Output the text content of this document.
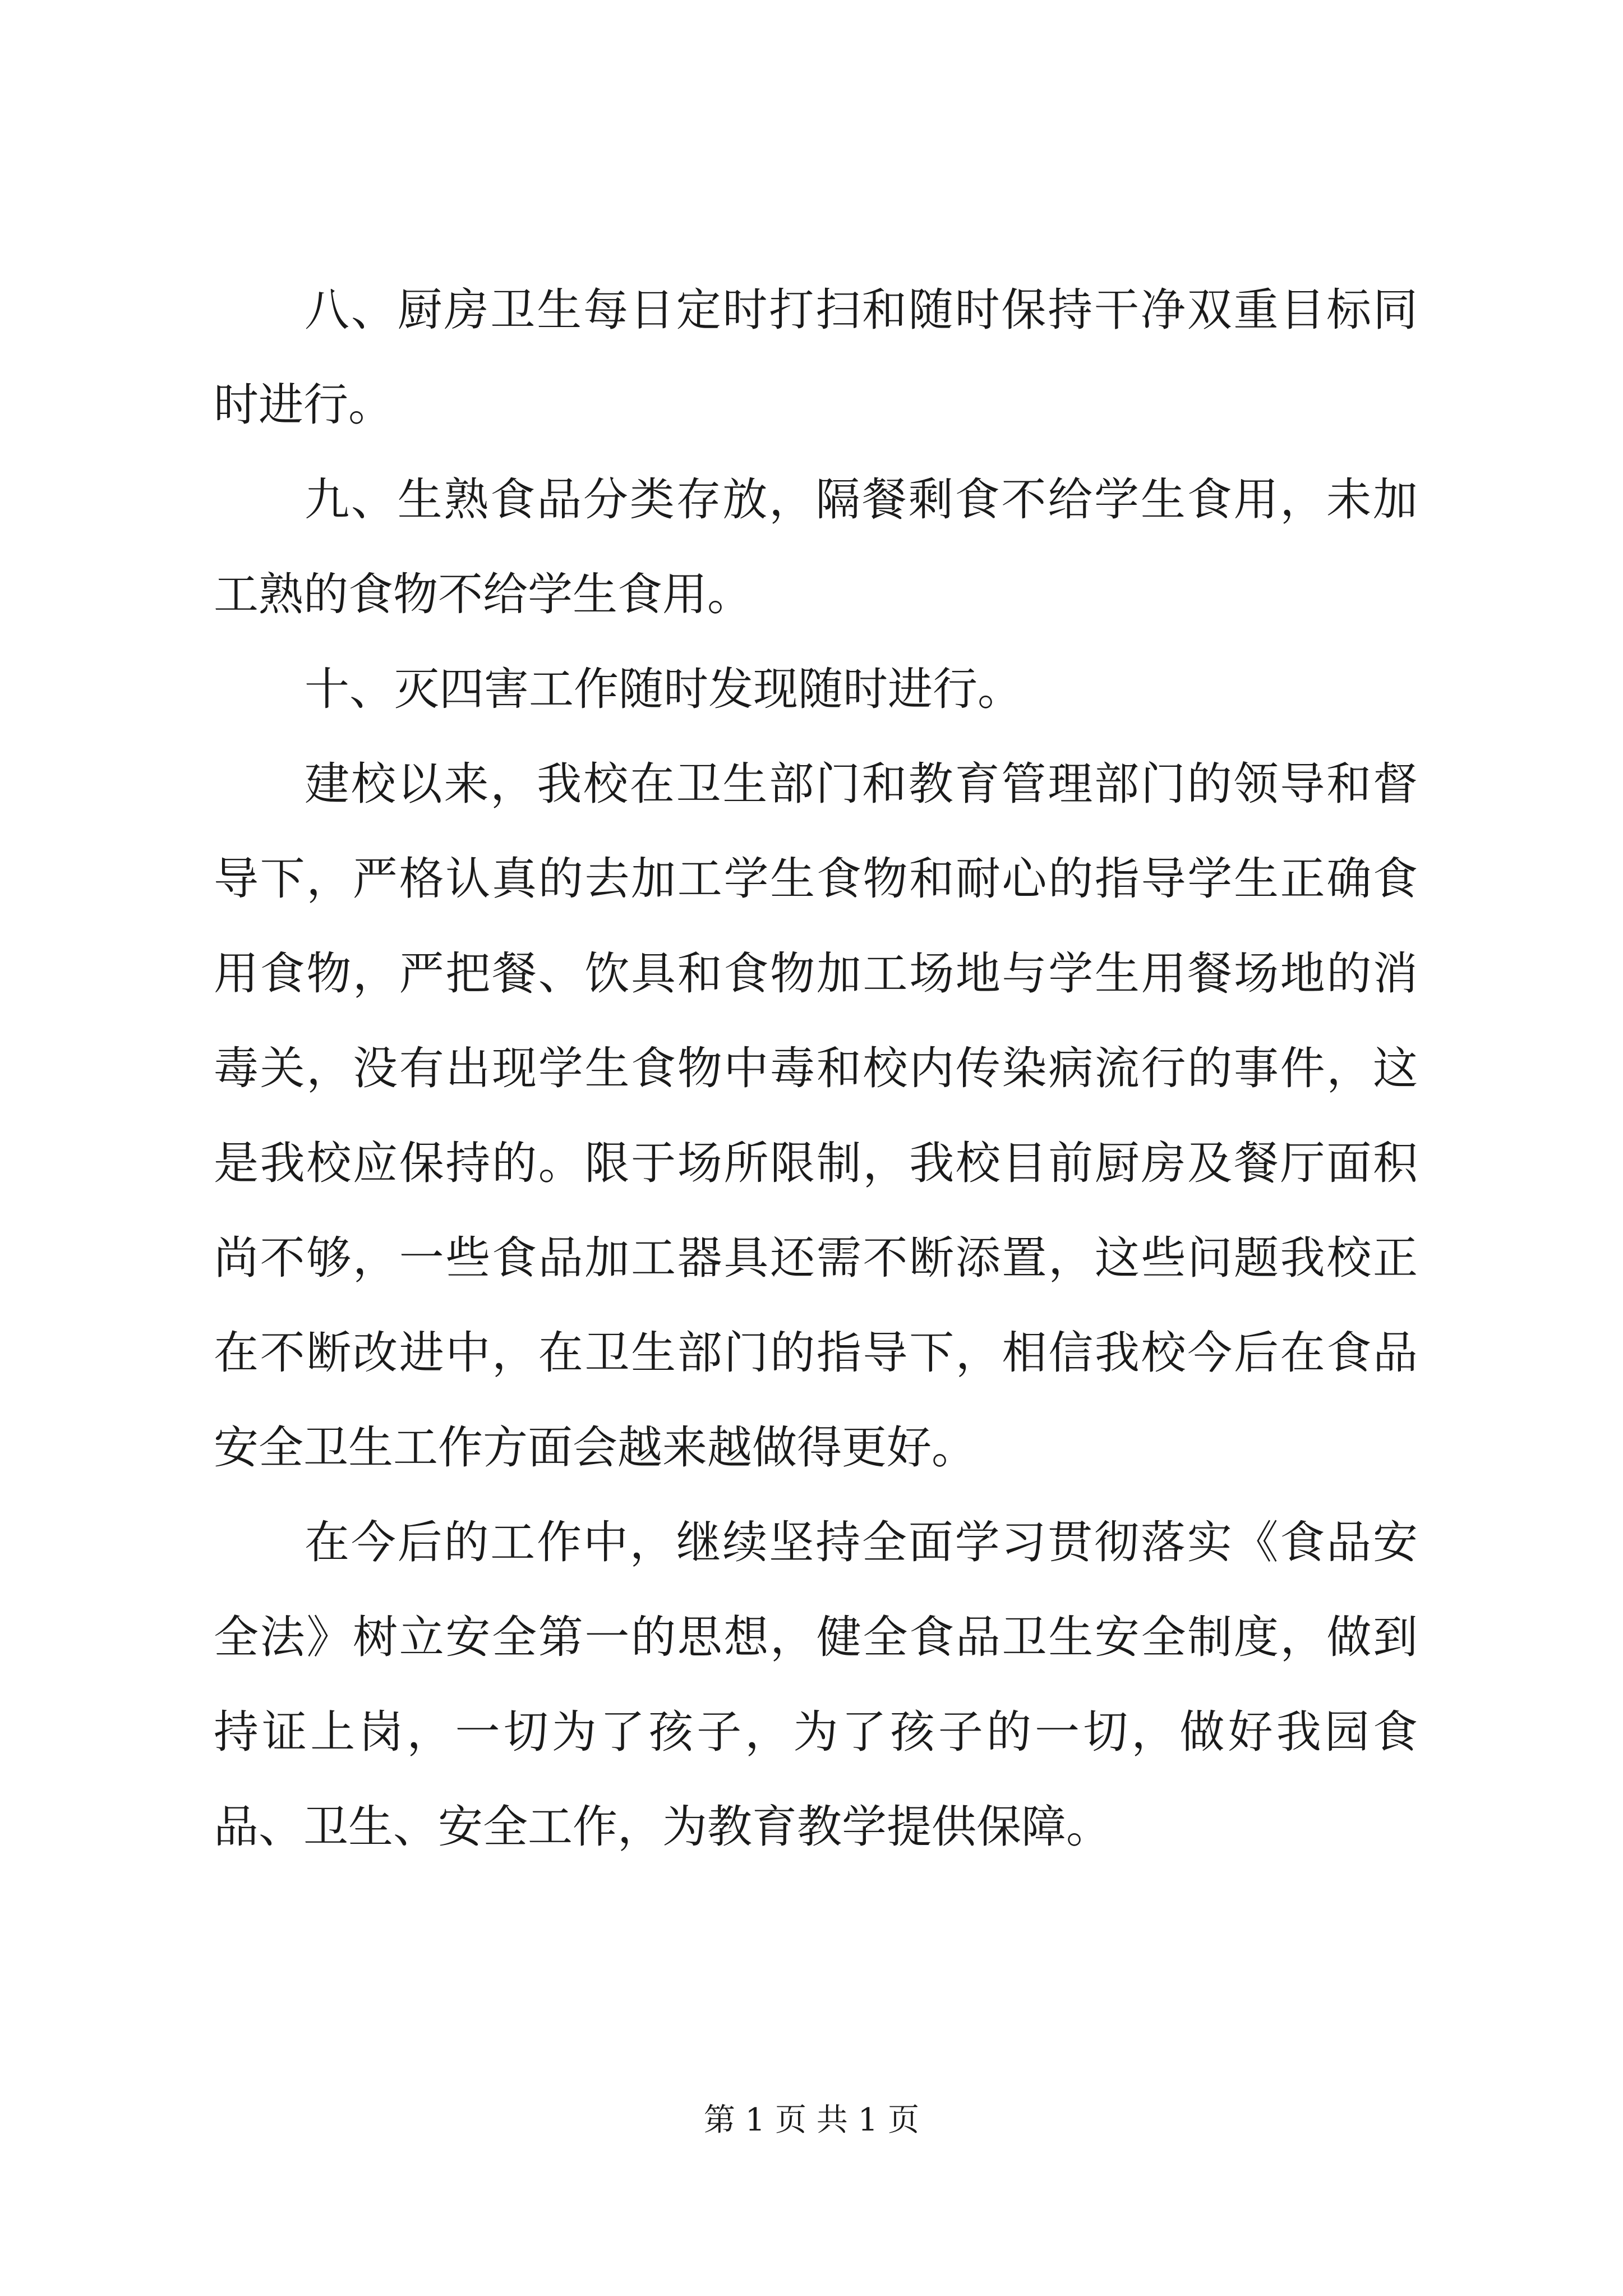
八、厨房卫生每日定时打扫和随时保持干净双重目标同时进行。

九、生熟食品分类存放，隔餐剩食不给学生食用，未加工熟的食物不给学生食用。

十、灭四害工作随时发现随时进行。

建校以来，我校在卫生部门和教育管理部门的领导和督导下，严格认真的去加工学生食物和耐心的指导学生正确食用食物，严把餐、饮具和食物加工场地与学生用餐场地的消毒关，没有出现学生食物中毒和校内传染病流行的事件，这是我校应保持的。限于场所限制，我校目前厨房及餐厅面积尚不够，一些食品加工器具还需不断添置，这些问题我校正在不断改进中，在卫生部门的指导下，相信我校今后在食品安全卫生工作方面会越来越做得更好。

在今后的工作中，继续坚持全面学习贯彻落实《食品安全法》树立安全第一的思想，健全食品卫生安全制度，做到持证上岗，一切为了孩子，为了孩子的一切，做好我园食品、卫生、安全工作，为教育教学提供保障。

第 1 页 共 1 页
